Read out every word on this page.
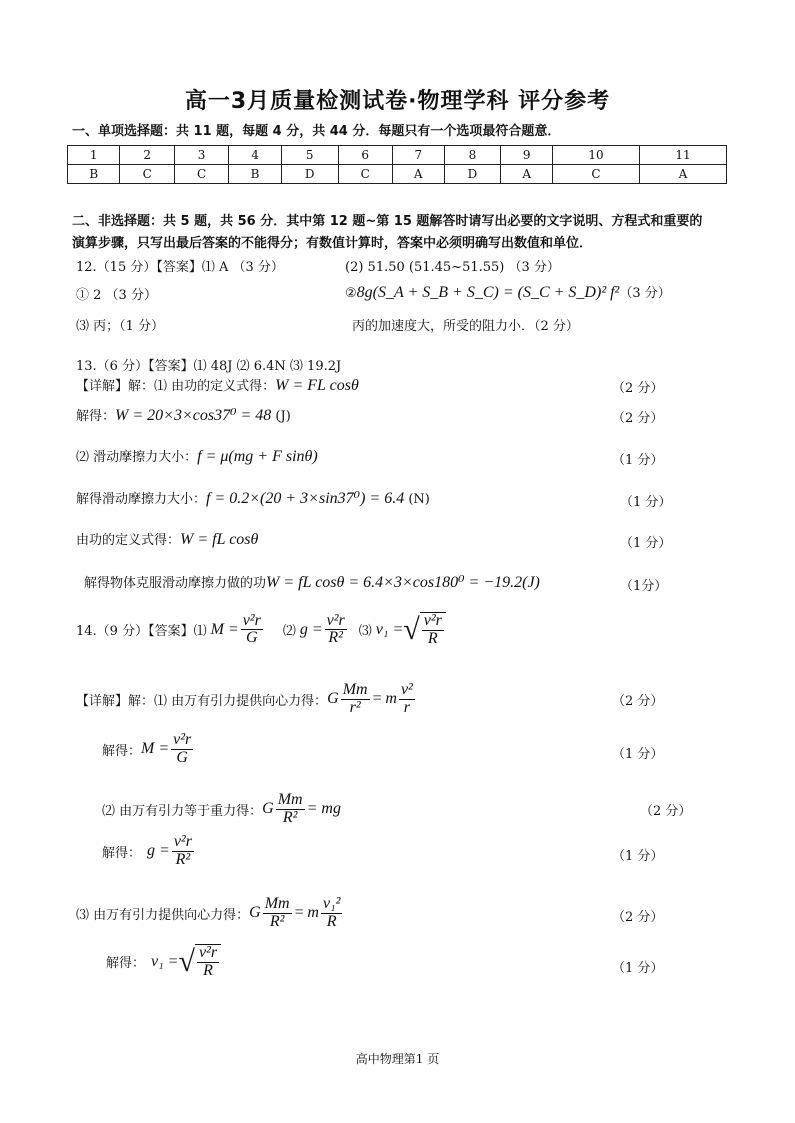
高一3月质量检测试卷·物理学科 评分参考
一、单项选择题：共 11 题，每题 4 分，共 44 分．每题只有一个选项最符合题意．
1	2	3	4	5	6	7	8	9	10	11
B	C	C	B	D	C	A	D	A	C	A
二、非选择题：共 5 题，共 56 分．其中第 12 题~第 15 题解答时请写出必要的文字说明、方程式和重要的
演算步骤，只写出最后答案的不能得分；有数值计算时，答案中必须明确写出数值和单位．
12.（15 分）【答案】⑴ A （3 分）	(2) 51.50 (51.45~51.55) （3 分）
① 2 （3 分）	②8g(S_A + S_B + S_C) = (S_C + S_D)² f²（3 分）
⑶ 丙；（1 分）	丙的加速度大，所受的阻力小．（2 分）
13.（6 分）【答案】⑴ 48J ⑵ 6.4N ⑶ 19.2J
【详解】解：⑴ 由功的定义式得：W = FL cosθ	（2 分）
解得：W = 20×3×cos37⁰ = 48 (J)	（2 分）
⑵ 滑动摩擦力大小：f = μ(mg + F sinθ)	（1 分）
解得滑动摩擦力大小：f = 0.2×(20 + 3×sin37⁰) = 6.4 (N)	（1 分）
由功的定义式得：W = fL cosθ	（1 分）
解得物体克服滑动摩擦力做的功W = fL cosθ = 6.4×3×cos180⁰ = −19.2(J)	（1分）
14.（9 分）【答案】⑴ $M = \frac{\text{v²r}}{G}$ ⑵ $g = \frac{\text{v²r}}{\text{R²}}$ ⑶ v₁ = √ $\frac{\text{v²r}}{R}$
【详解】解：⑴ 由万有引力提供向心力得： G $\frac{Mm}{\text{r²}} = m \frac{\text{v²}}{r}$	（2 分）
解得： $M = \frac{\text{v²r}}{G}$	（1 分）
⑵ 由万有引力等于重力得： G $\frac{Mm}{\text{R²}}$ = mg	（2 分）
解得： $g = \frac{\text{v²r}}{\text{R²}}$	（1 分）
⑶ 由万有引力提供向心力得： G $\frac{Mm}{\text{R²}} = m \frac{\text{v₁²}}{R}$	（2 分）
解得： v₁ = √ $\frac{\text{v²r}}{R}$	（1 分）
高中物理第1 页
